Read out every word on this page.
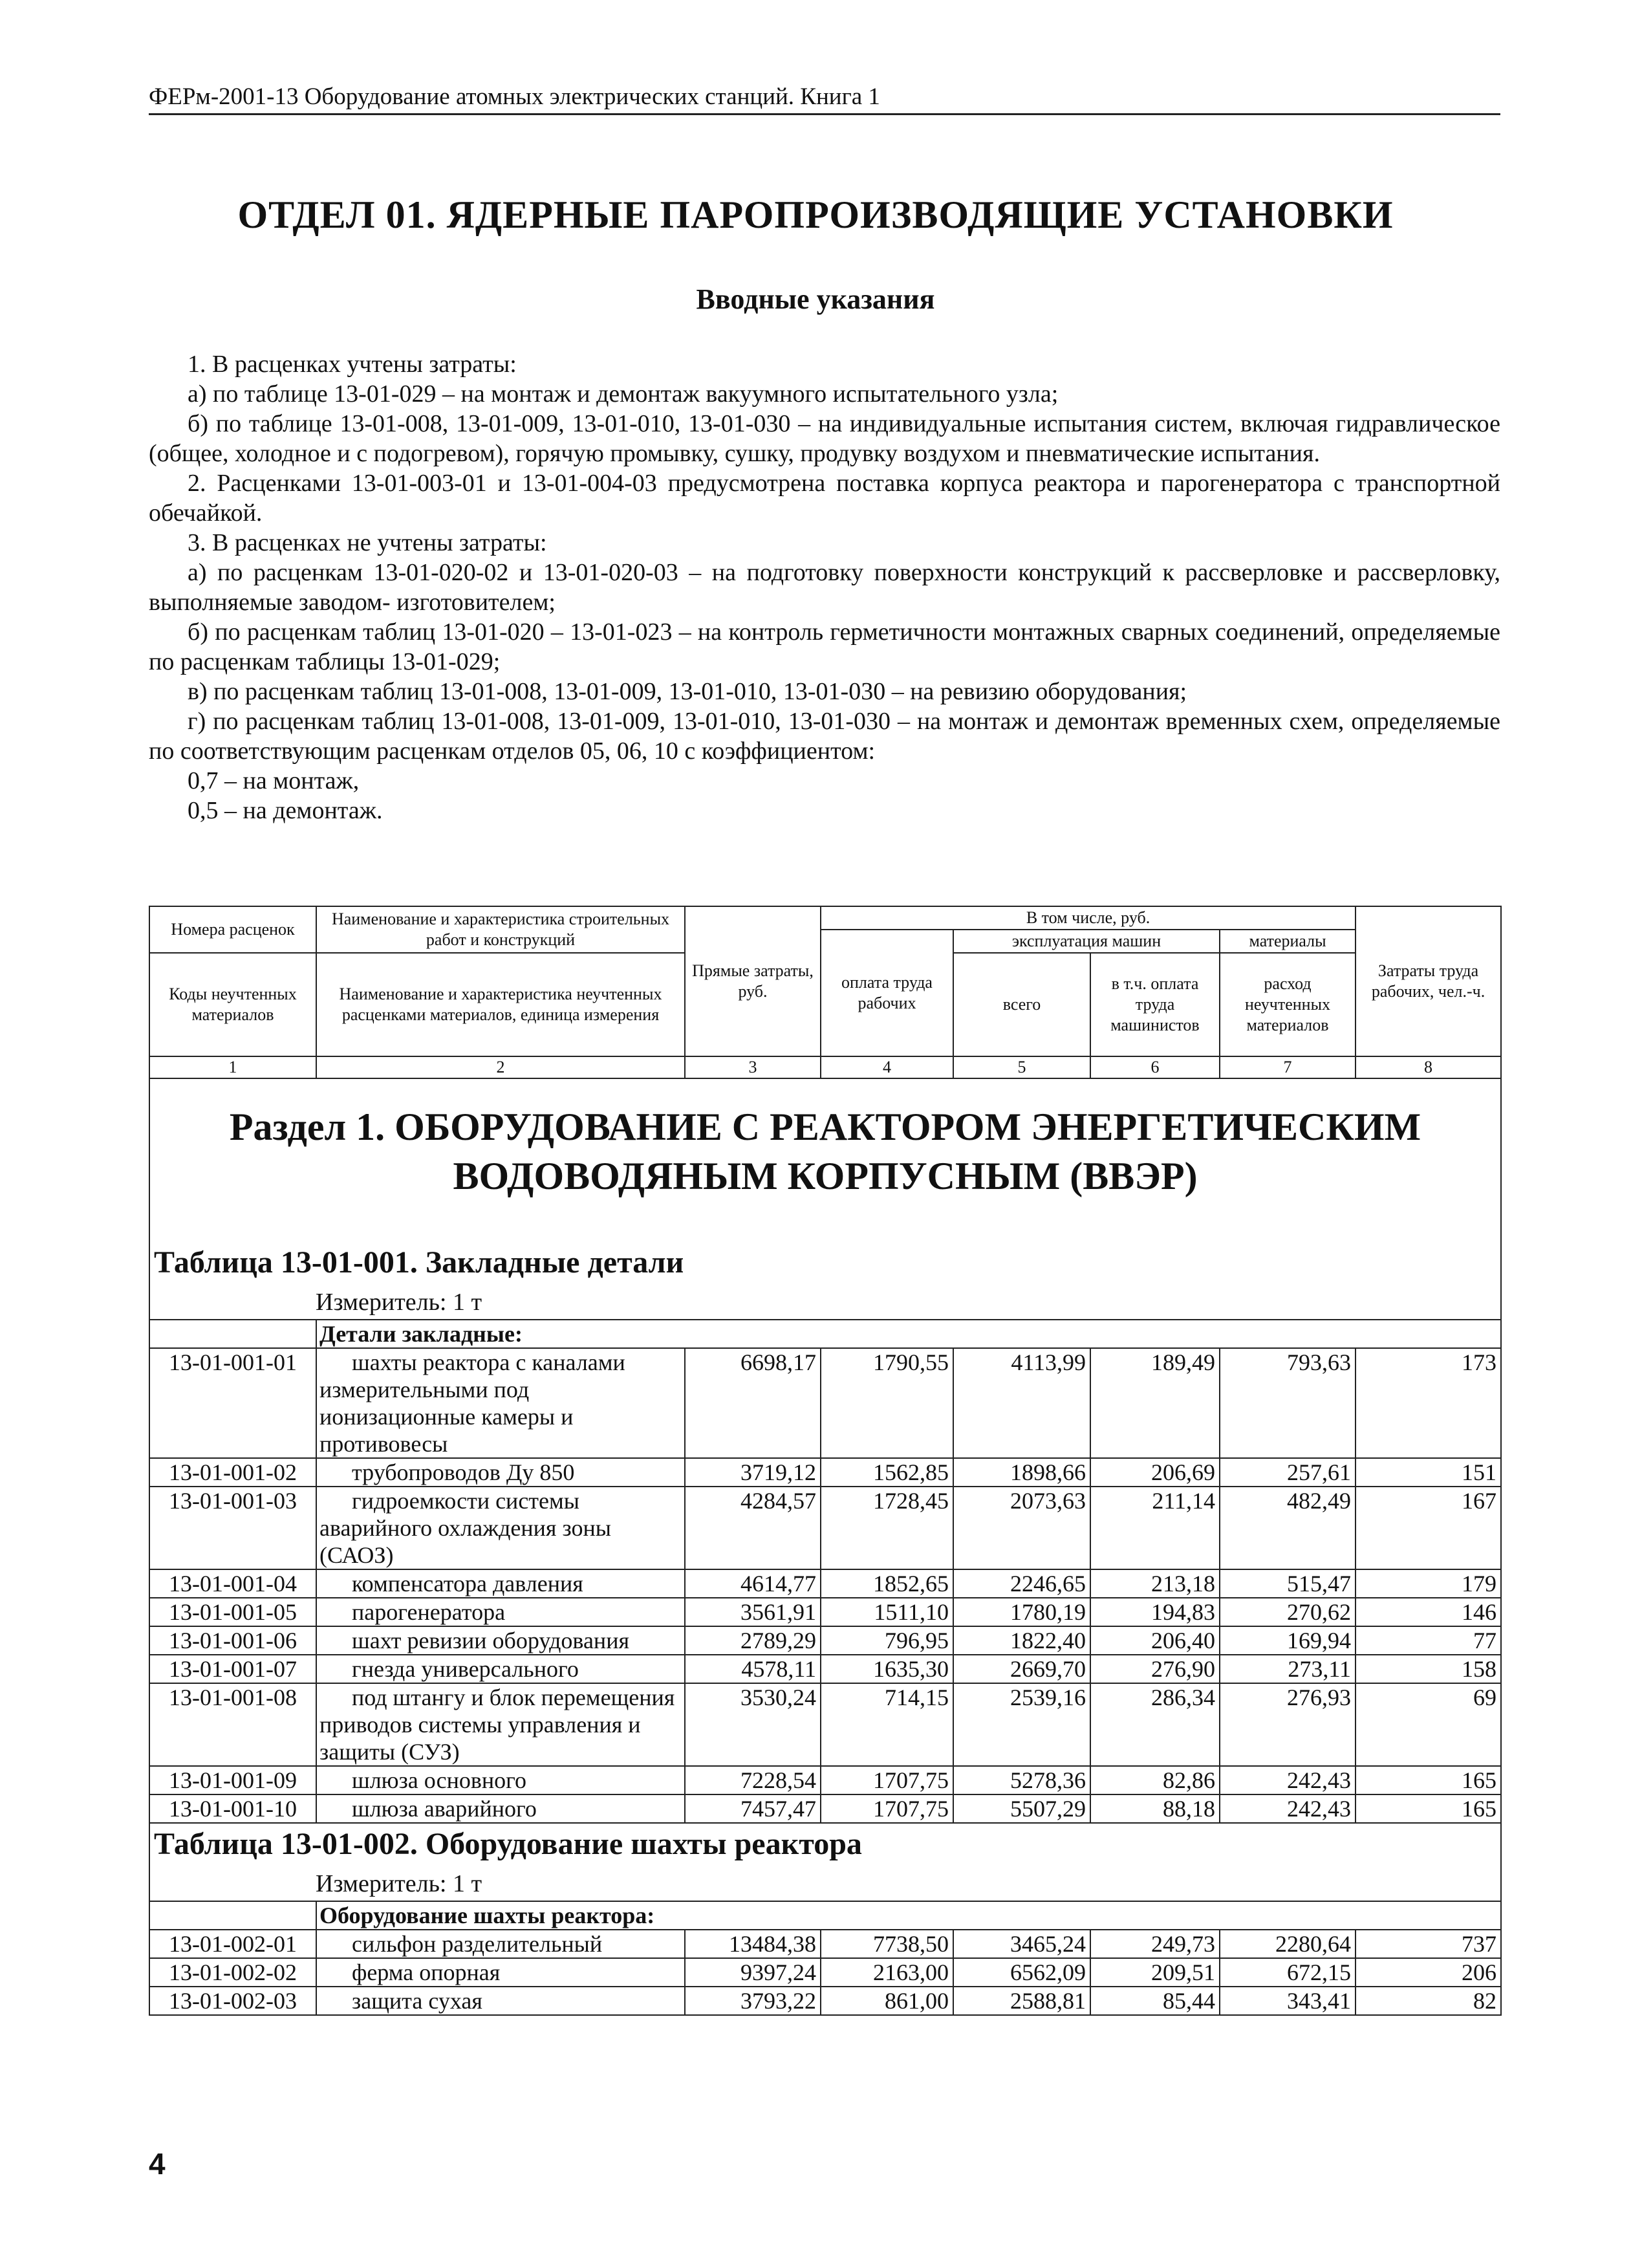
ФЕРм-2001-13 Оборудование атомных электрических станций. Книга 1
ОТДЕЛ 01. ЯДЕРНЫЕ ПАРОПРОИЗВОДЯЩИЕ УСТАНОВКИ
Вводные указания

1. В расценках учтены затраты:

а) по таблице 13-01-029 – на монтаж и демонтаж вакуумного испытательного узла;

б) по таблице 13-01-008, 13-01-009, 13-01-010, 13-01-030 – на индивидуальные испытания систем, включая гидравлическое (общее, холодное и с подогревом), горячую промывку, сушку, продувку воздухом и пневматические испытания.

2. Расценками 13-01-003-01 и 13-01-004-03 предусмотрена поставка корпуса реактора и парогенератора с транспортной обечайкой.

3. В расценках не учтены затраты:

а) по расценкам 13-01-020-02 и 13-01-020-03 – на подготовку поверхности конструкций к рассверловке и рассверловку, выполняемые заводом- изготовителем;

б) по расценкам таблиц 13-01-020 – 13-01-023 – на контроль герметичности монтажных сварных соединений, определяемые по расценкам таблицы 13-01-029;

в) по расценкам таблиц 13-01-008, 13-01-009, 13-01-010, 13-01-030 – на ревизию оборудования;

г) по расценкам таблиц 13-01-008, 13-01-009, 13-01-010, 13-01-030 – на монтаж и демонтаж временных схем, определяемые по соответствующим расценкам отделов 05, 06, 10 с коэффициентом:

0,7 – на монтаж,

0,5 – на демонтаж.

Номера расценок	Наименование и характеристика строительных работ и конструкций	Прямые затраты, руб.	В том числе, руб.				Затраты труда рабочих, чел.-ч.
			оплата труда рабочих	эксплуатация машин		материалы	
Коды неучтенных материалов	Наименование и характеристика неучтенных расценками материалов, единица измерения			всего	в т.ч. оплата труда машинистов	расход неучтенных материалов	

1	2	3	4	5	6	7	8

Раздел 1. ОБОРУДОВАНИЕ С РЕАКТОРОМ ЭНЕРГЕТИЧЕСКИМ
ВОДОВОДЯНЫМ КОРПУСНЫМ (ВВЭР)							

Таблица 13-01-001. Закладные детали
Измеритель: 1 т							

	Детали закладные:						
13-01-001-01	шахты реактора с каналами измерительными под ионизационные камеры и противовесы	6698,17	1790,55	4113,99	189,49	793,63	173
13-01-001-02	трубопроводов Ду 850	3719,12	1562,85	1898,66	206,69	257,61	151
13-01-001-03	гидроемкости системы аварийного охлаждения зоны (САОЗ)	4284,57	1728,45	2073,63	211,14	482,49	167
13-01-001-04	компенсатора давления	4614,77	1852,65	2246,65	213,18	515,47	179
13-01-001-05	парогенератора	3561,91	1511,10	1780,19	194,83	270,62	146
13-01-001-06	шахт ревизии оборудования	2789,29	796,95	1822,40	206,40	169,94	77
13-01-001-07	гнезда универсального	4578,11	1635,30	2669,70	276,90	273,11	158
13-01-001-08	под штангу и блок перемещения приводов системы управления и защиты (СУЗ)	3530,24	714,15	2539,16	286,34	276,93	69
13-01-001-09	шлюза основного	7228,54	1707,75	5278,36	82,86	242,43	165
13-01-001-10	шлюза аварийного	7457,47	1707,75	5507,29	88,18	242,43	165

Таблица 13-01-002. Оборудование шахты реактора
Измеритель: 1 т							

	Оборудование шахты реактора:						
13-01-002-01	сильфон разделительный	13484,38	7738,50	3465,24	249,73	2280,64	737
13-01-002-02	ферма опорная	9397,24	2163,00	6562,09	209,51	672,15	206
13-01-002-03	защита сухая	3793,22	861,00	2588,81	85,44	343,41	82
4
